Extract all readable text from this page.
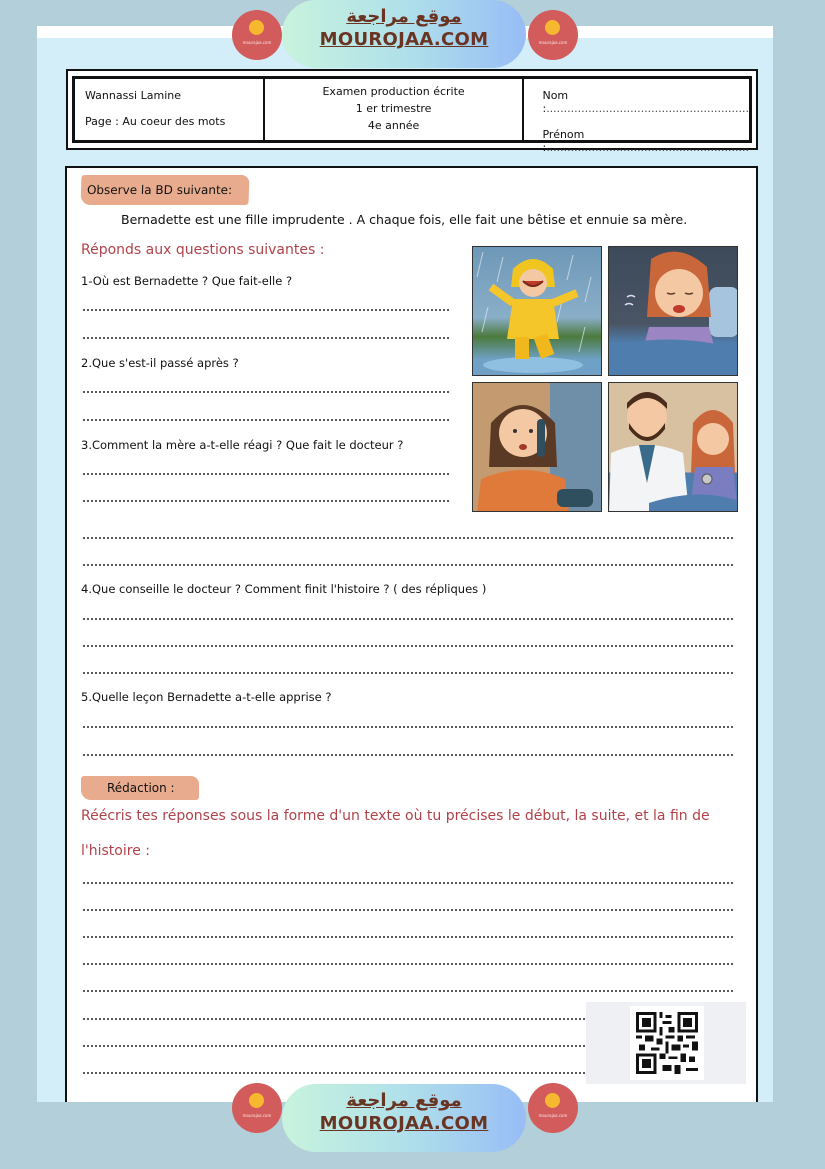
mourajaa.com
موقع مراجعة
MOUROJAA.COM	mourajaa.com
Wannassi Lamine
Page : Au coeur des mots
Examen production écrite
1 er trimestre
4e année
Nom :..........................................................
Prénom :..........................................................
Observe la BD suivante:
Bernadette est une fille imprudente . A chaque fois, elle fait une bêtise et ennuie sa mère.
Réponds aux questions suivantes :
1-Où est Bernadette ? Que fait-elle ?
2.Que s'est-il passé après ?
3.Comment la mère a-t-elle réagi ? Que fait le docteur ?
4.Que conseille le docteur ? Comment finit l'histoire ? ( des répliques )
5.Quelle leçon Bernadette a-t-elle apprise ?
Rédaction :
Réécris tes réponses sous la forme d'un texte où tu précises le début, la suite, et la fin de
l'histoire :
mourajaa.com
موقع مراجعة
MOUROJAA.COM	mourajaa.com
